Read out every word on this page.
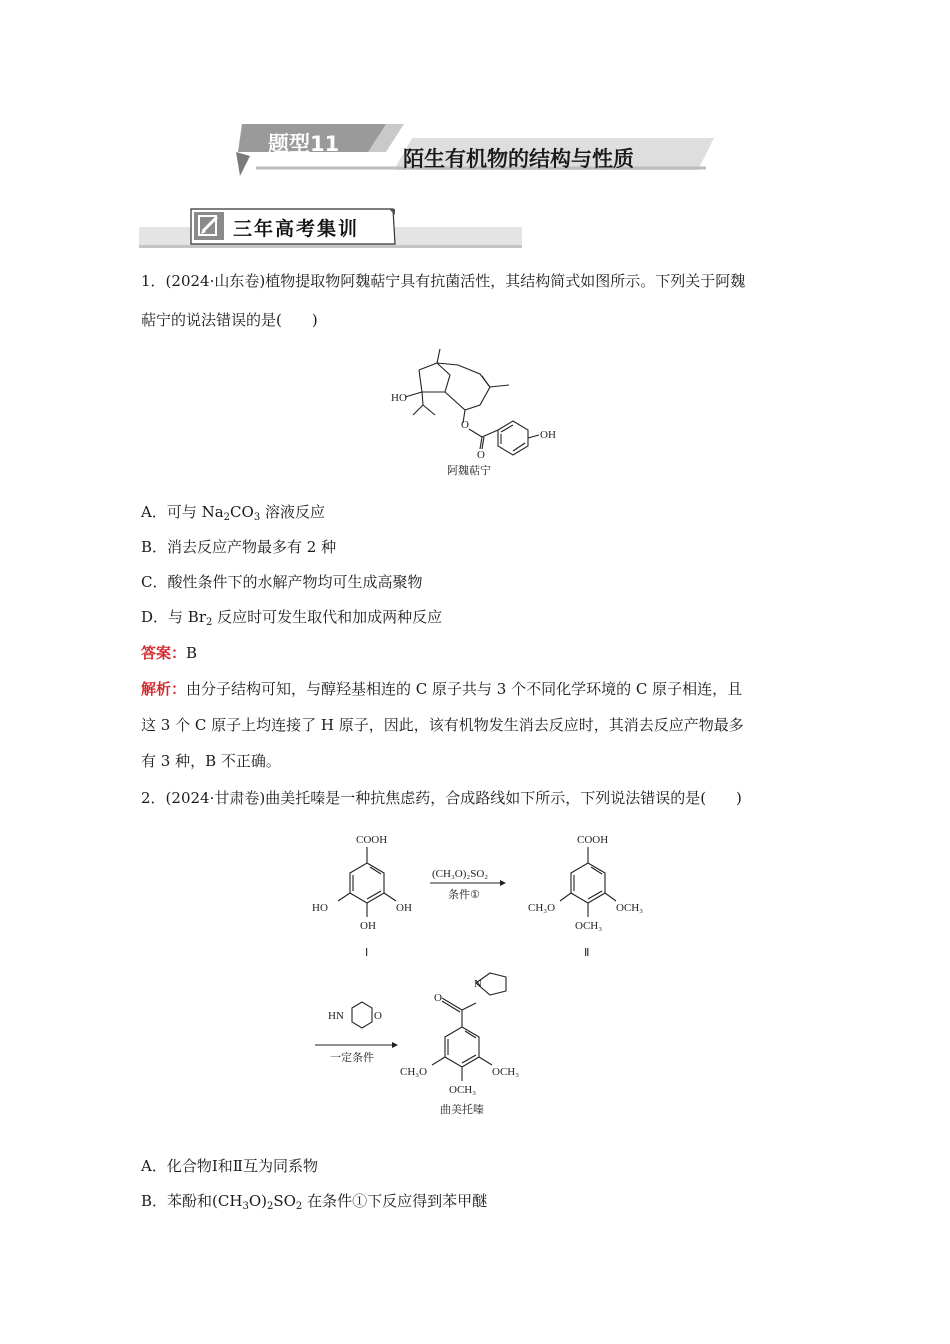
题型11
陌生有机物的结构与性质
三年高考集训
1．(2024·山东卷)植物提取物阿魏萜宁具有抗菌活性，其结构简式如图所示。下列关于阿魏
萜宁的说法错误的是(　　)
HO
O
O
OH
阿魏萜宁
A．可与 $Na_2CO_3$ 溶液反应
B．消去反应产物最多有 2 种
C．酸性条件下的水解产物均可生成高聚物
D．与 $Br_2$ 反应时可发生取代和加成两种反应
答案：B
解析：由分子结构可知，与醇羟基相连的 C 原子共与 3 个不同化学环境的 C 原子相连，且
这 3 个 C 原子上均连接了 H 原子，因此，该有机物发生消去反应时，其消去反应产物最多
有 3 种，B 不正确。
2．(2024·甘肃卷)曲美托嗪是一种抗焦虑药，合成路线如下所示，下列说法错误的是(　　)
COOH
OH
HO
OH
Ⅰ
(CH₃O)₂SO₂
条件①
COOH
OCH₃
CH₃O
OCH₃
Ⅱ
HN	O
一定条件
O
N
OCH₃
CH₃O
OCH₃
曲美托嗪
A．化合物Ⅰ和Ⅱ互为同系物
B．苯酚和$(CH_3O)_2SO_2$ 在条件①下反应得到苯甲醚
